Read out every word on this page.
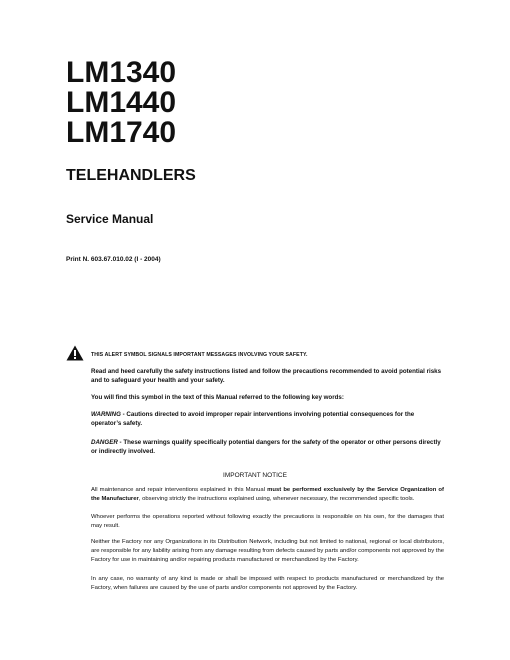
LM1340
LM1440
LM1740
TELEHANDLERS
Service Manual
Print N. 603.67.010.02 (I - 2004)
THIS ALERT SYMBOL SIGNALS IMPORTANT MESSAGES INVOLVING YOUR SAFETY.
Read and heed carefully the safety instructions listed and follow the precautions recommended to avoid potential risks and to safeguard your health and your safety.
You will find this symbol in the text of this Manual referred to the following key words:
WARNING - Cautions directed to avoid improper repair interventions involving potential consequences for the operator’s safety.
DANGER - These warnings qualify specifically potential dangers for the safety of the operator or other persons directly or indirectly involved.
IMPORTANT NOTICE
All maintenance and repair interventions explained in this Manual must be performed exclusively by the Service Organization of the Manufacturer, observing strictly the instructions explained using, whenever necessary, the recommended specific tools.
Whoever performs the operations reported without following exactly the precautions is responsible on his own, for the damages that may result.
Neither the Factory nor any Organizations in its Distribution Network, including but not limited to national, regional or local distributors, are responsible for any liability arising from any damage resulting from defects caused by parts and/or components not approved by the Factory for use in maintaining and/or repairing products manufactured or merchandized by the Factory.
In any case, no warranty of any kind is made or shall be imposed with respect to products manufactured or merchandized by the Factory, when failures are caused by the use of parts and/or components not approved by the Factory.
